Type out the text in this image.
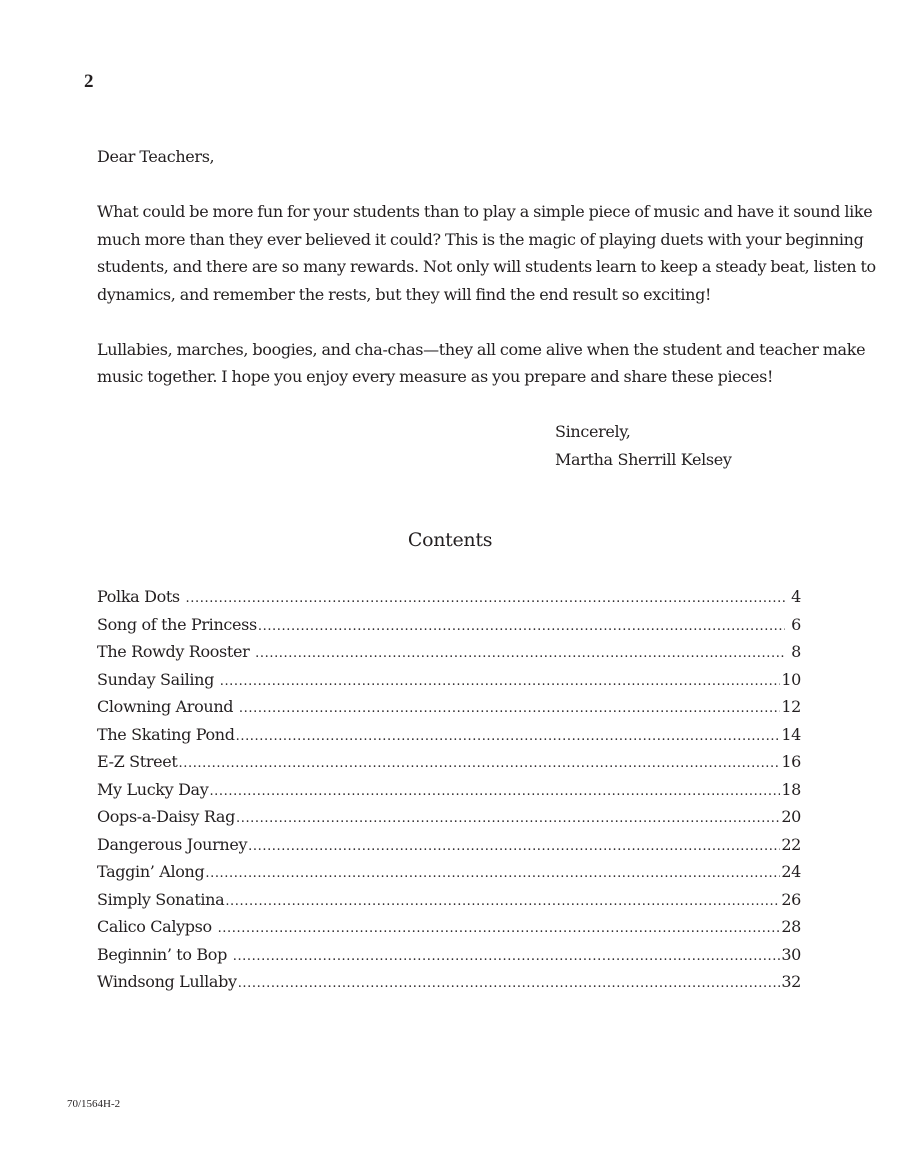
2

Dear Teachers,

What could be more fun for your students than to play a simple piece of music and have it sound like

much more than they ever believed it could? This is the magic of playing duets with your beginning

students, and there are so many rewards. Not only will students learn to keep a steady beat, listen to

dynamics, and remember the rests, but they will find the end result so exciting!

Lullabies, marches, boogies, and cha-chas—they all come alive when the student and teacher make

music together. I hope you enjoy every measure as you prepare and share these pieces!

Sincerely,
Martha Sherrill Kelsey
Contents
Polka Dots .....	4
Song of the Princess .....	6
The Rowdy Rooster .....	8
Sunday Sailing .....	10
Clowning Around .....	12
The Skating Pond .....	14
E-Z Street .....	16
My Lucky Day .....	18
Oops-a-Daisy Rag .....	20
Dangerous Journey .....	22
Taggin’ Along .....	24
Simply Sonatina .....	26
Calico Calypso .....	28
Beginnin’ to Bop .....	30
Windsong Lullaby .....	32
70/1564H-2
